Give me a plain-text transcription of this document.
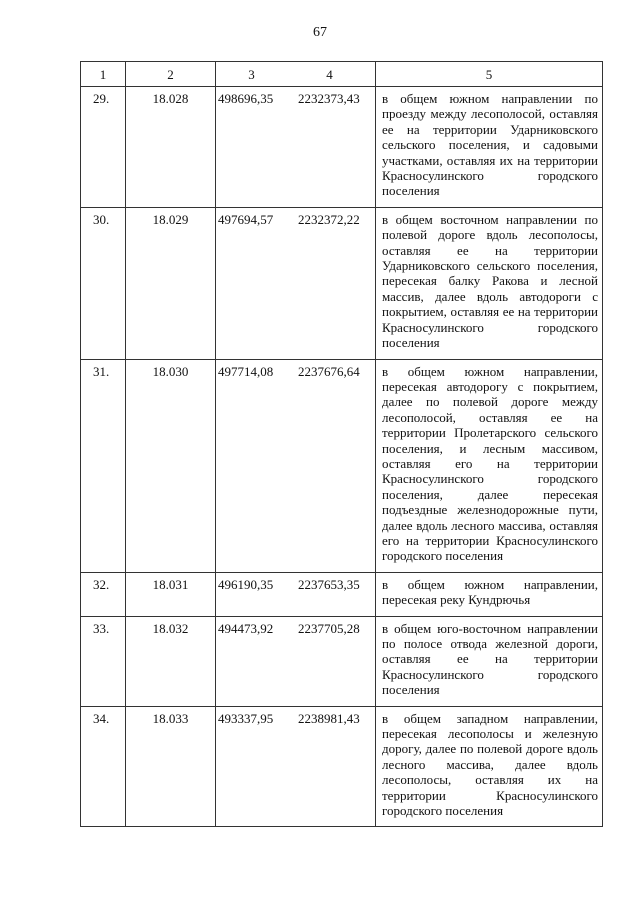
67
1	2	3 4	5
29.	18.028	498696,35 2232373,43	в общем южном направлении по проезду между лесополосой, оставляя ее на территории Ударниковского сельского поселения, и садовыми участками, оставляя их на территории Красносулинского городского поселения
30.	18.029	497694,57 2232372,22	в общем восточном направлении по полевой дороге вдоль лесополосы, оставляя ее на территории Ударниковского сельского поселения, пересекая балку Ракова и лесной массив, далее вдоль автодороги с покрытием, оставляя ее на территории Красносулинского городского поселения
31.	18.030	497714,08 2237676,64	в общем южном направлении, пересекая автодорогу с покрытием, далее по полевой дороге между лесополосой, оставляя ее на территории Пролетарского сельского поселения, и лесным массивом, оставляя его на территории Красносулинского городского поселения, далее пересекая подъездные железнодорожные пути, далее вдоль лесного массива, оставляя его на территории Красносулинского городского поселения
32.	18.031	496190,35 2237653,35	в общем южном направлении, пересекая реку Кундрючья
33.	18.032	494473,92 2237705,28	в общем юго-восточном направлении по полосе отвода железной дороги, оставляя ее на территории Красносулинского городского поселения
34.	18.033	493337,95 2238981,43	в общем западном направлении, пересекая лесополосы и железную дорогу, далее по полевой дороге вдоль лесного массива, далее вдоль лесополосы, оставляя их на территории Красносулинского городского поселения
